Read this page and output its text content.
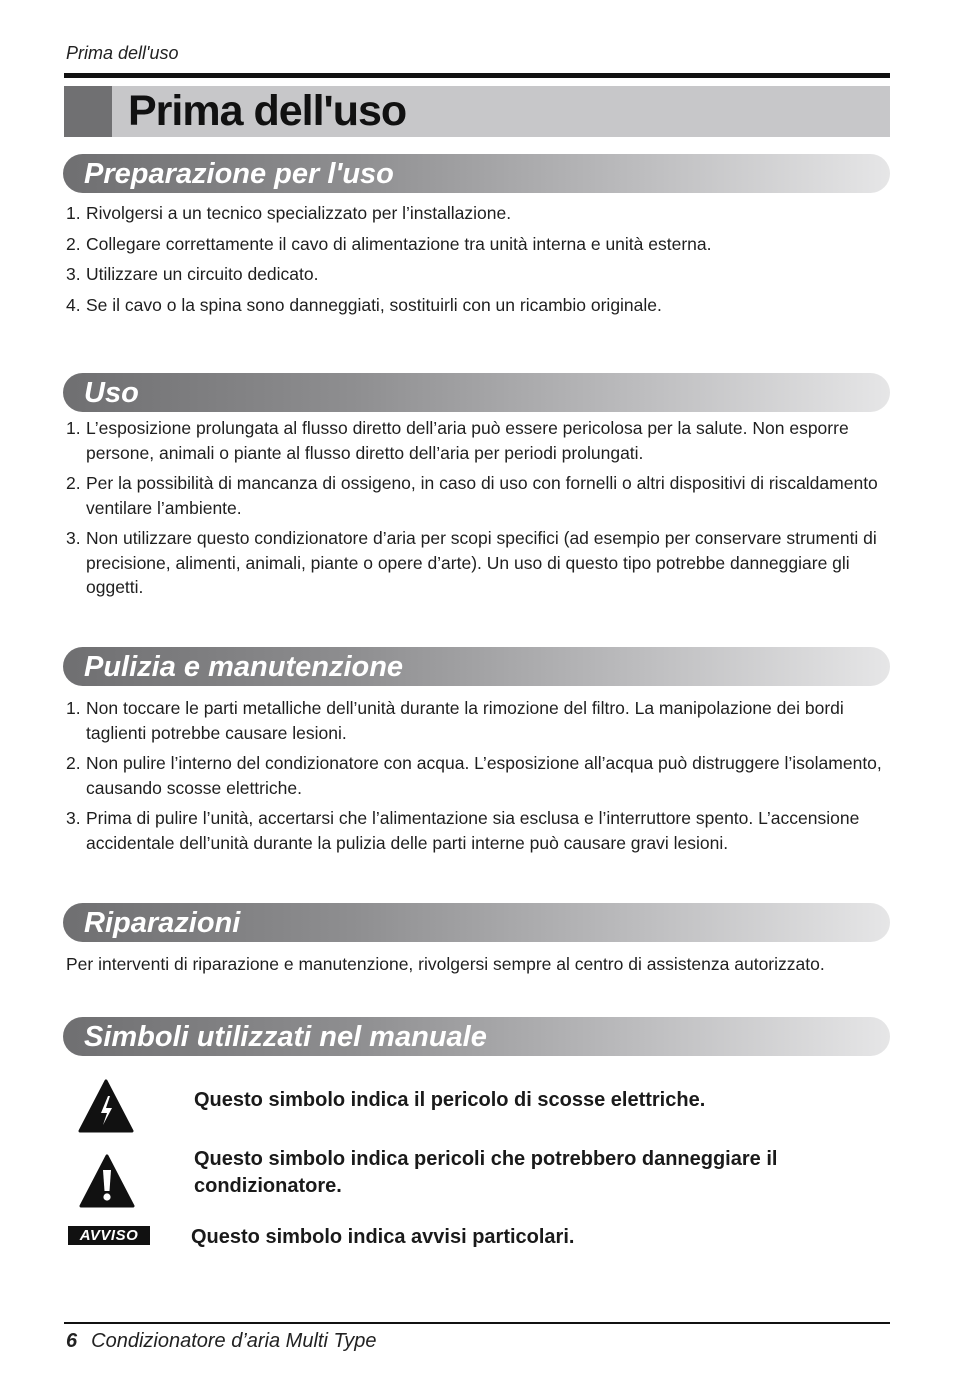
Prima dell'uso
Prima dell'uso
Preparazione per l'uso
1. Rivolgersi a un tecnico specializzato per l’installazione.
2. Collegare correttamente il cavo di alimentazione tra unità interna e unità esterna.
3. Utilizzare un circuito dedicato.
4. Se il cavo o la spina sono danneggiati, sostituirli con un ricambio originale.
Uso
1. L’esposizione prolungata al flusso diretto dell’aria può essere pericolosa per la salute. Non esporre persone, animali o piante al flusso diretto dell’aria per periodi prolungati.
2. Per la possibilità di mancanza di ossigeno, in caso di uso con fornelli o altri dispositivi di riscaldamento ventilare l’ambiente.
3. Non utilizzare questo condizionatore d’aria per scopi specifici (ad esempio per conservare strumenti di precisione, alimenti, animali, piante o opere d’arte). Un uso di questo tipo potrebbe danneggiare gli oggetti.
Pulizia e manutenzione
1. Non toccare le parti metalliche dell’unità durante la rimozione del filtro. La manipolazione dei bordi taglienti potrebbe causare lesioni.
2. Non pulire l’interno del condizionatore con acqua. L’esposizione all’acqua può distruggere l’isolamento, causando scosse elettriche.
3. Prima di pulire l’unità, accertarsi che l’alimentazione sia esclusa e l’interruttore spento. L’accensione accidentale dell’unità durante la pulizia delle parti interne può causare gravi lesioni.
Riparazioni
Per interventi di riparazione e manutenzione, rivolgersi sempre al centro di assistenza autorizzato.
Simboli utilizzati nel manuale
Questo simbolo indica il pericolo di scosse elettriche.
Questo simbolo indica pericoli che potrebbero danneggiare il condizionatore.
AVVISO	Questo simbolo indica avvisi particolari.
6 Condizionatore d’aria Multi Type
